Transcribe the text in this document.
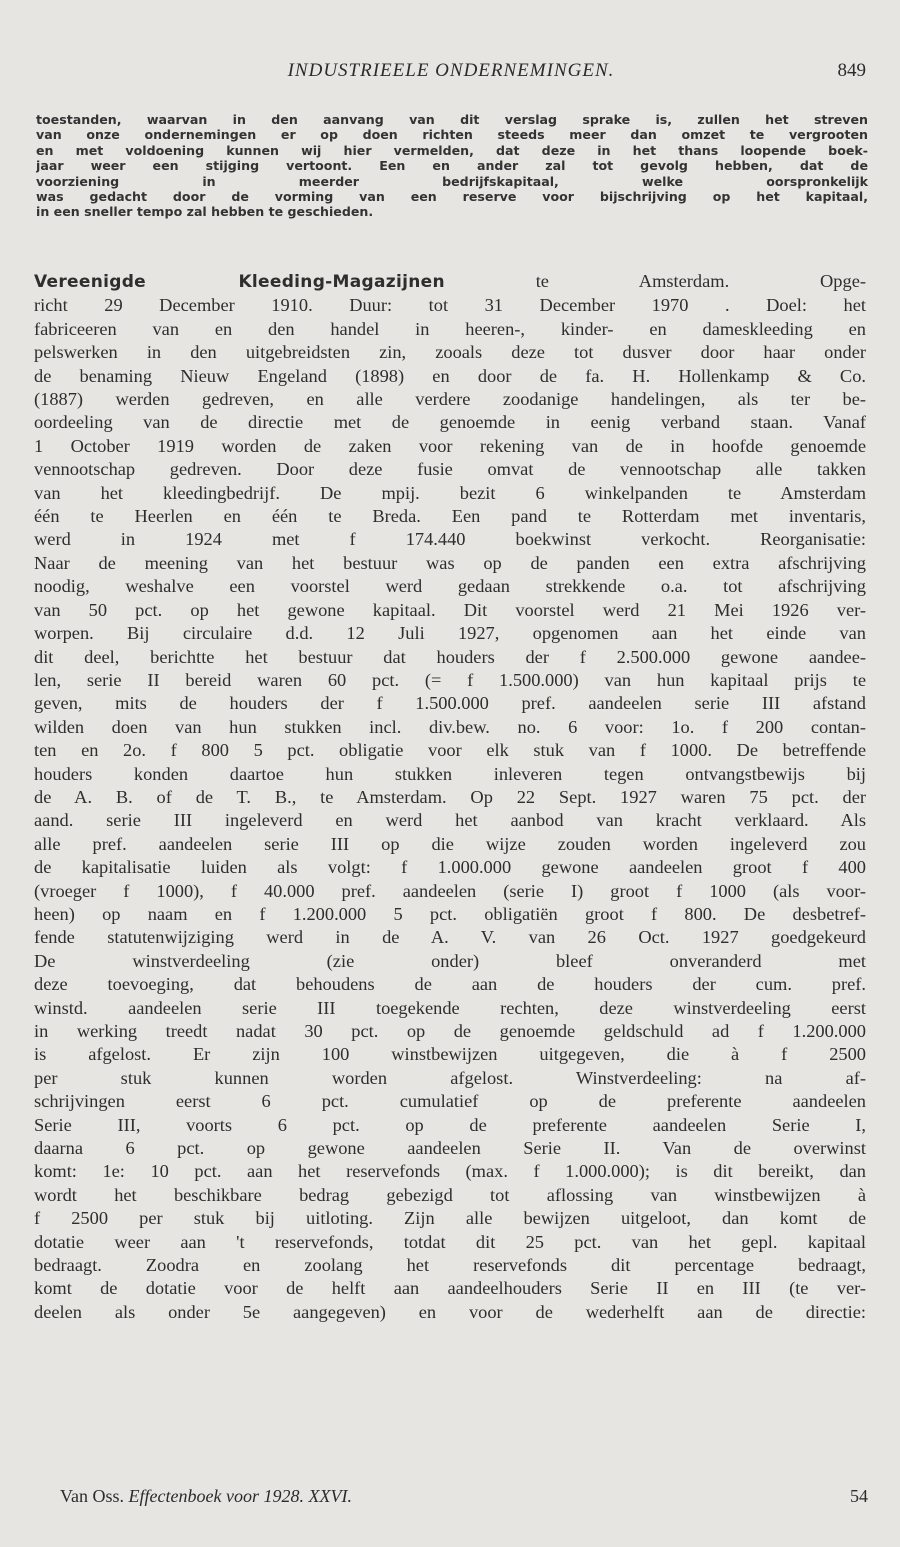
INDUSTRIEELE ONDERNEMINGEN.	849
toestanden, waarvan in den aanvang van dit verslag sprake is, zullen het streven
van onze ondernemingen er op doen richten steeds meer dan omzet te vergrooten
en met voldoening kunnen wij hier vermelden, dat deze in het thans loopende boek-
jaar weer een stijging vertoont. Een en ander zal tot gevolg hebben, dat de
voorziening in meerder bedrijfskapitaal, welke oorspronkelijk
was gedacht door de vorming van een reserve voor bijschrijving op het kapitaal,
in een sneller tempo zal hebben te geschieden.
Vereenigde Kleeding-Magazijnen te Amsterdam. Opge-
richt 29 December 1910. Duur: tot 31 December 1970 . Doel: het
fabriceeren van en den handel in heeren-, kinder- en dameskleeding en
pelswerken in den uitgebreidsten zin, zooals deze tot dusver door haar onder
de benaming Nieuw Engeland (1898) en door de fa. H. Hollenkamp & Co.
(1887) werden gedreven, en alle verdere zoodanige handelingen, als ter be-
oordeeling van de directie met de genoemde in eenig verband staan. Vanaf
1 October 1919 worden de zaken voor rekening van de in hoofde genoemde
vennootschap gedreven. Door deze fusie omvat de vennootschap alle takken
van het kleedingbedrijf. De mpij. bezit 6 winkelpanden te Amsterdam
één te Heerlen en één te Breda. Een pand te Rotterdam met inventaris,
werd in 1924 met f 174.440 boekwinst verkocht. Reorganisatie:
Naar de meening van het bestuur was op de panden een extra afschrijving
noodig, weshalve een voorstel werd gedaan strekkende o.a. tot afschrijving
van 50 pct. op het gewone kapitaal. Dit voorstel werd 21 Mei 1926 ver-
worpen. Bij circulaire d.d. 12 Juli 1927, opgenomen aan het einde van
dit deel, berichtte het bestuur dat houders der f 2.500.000 gewone aandee-
len, serie II bereid waren 60 pct. (= f 1.500.000) van hun kapitaal prijs te
geven, mits de houders der f 1.500.000 pref. aandeelen serie III afstand
wilden doen van hun stukken incl. div.bew. no. 6 voor: 1o. f 200 contan-
ten en 2o. f 800 5 pct. obligatie voor elk stuk van f 1000. De betreffende
houders konden daartoe hun stukken inleveren tegen ontvangstbewijs bij
de A. B. of de T. B., te Amsterdam. Op 22 Sept. 1927 waren 75 pct. der
aand. serie III ingeleverd en werd het aanbod van kracht verklaard. Als
alle pref. aandeelen serie III op die wijze zouden worden ingeleverd zou
de kapitalisatie luiden als volgt: f 1.000.000 gewone aandeelen groot f 400
(vroeger f 1000), f 40.000 pref. aandeelen (serie I) groot f 1000 (als voor-
heen) op naam en f 1.200.000 5 pct. obligatiën groot f 800. De desbetref-
fende statutenwijziging werd in de A. V. van 26 Oct. 1927 goedgekeurd
De winstverdeeling (zie onder) bleef onveranderd met
deze toevoeging, dat behoudens de aan de houders der cum. pref.
winstd. aandeelen serie III toegekende rechten, deze winstverdeeling eerst
in werking treedt nadat 30 pct. op de genoemde geldschuld ad f 1.200.000
is afgelost. Er zijn 100 winstbewijzen uitgegeven, die à f 2500
per stuk kunnen worden afgelost. Winstverdeeling: na af-
schrijvingen eerst 6 pct. cumulatief op de preferente aandeelen
Serie III, voorts 6 pct. op de preferente aandeelen Serie I,
daarna 6 pct. op gewone aandeelen Serie II. Van de overwinst
komt: 1e: 10 pct. aan het reservefonds (max. f 1.000.000); is dit bereikt, dan
wordt het beschikbare bedrag gebezigd tot aflossing van winstbewijzen à
f 2500 per stuk bij uitloting. Zijn alle bewijzen uitgeloot, dan komt de
dotatie weer aan 't reservefonds, totdat dit 25 pct. van het gepl. kapitaal
bedraagt. Zoodra en zoolang het reservefonds dit percentage bedraagt,
komt de dotatie voor de helft aan aandeelhouders Serie II en III (te ver-
deelen als onder 5e aangegeven) en voor de wederhelft aan de directie:
Van Oss. Effectenboek voor 1928. XXVI.	54
